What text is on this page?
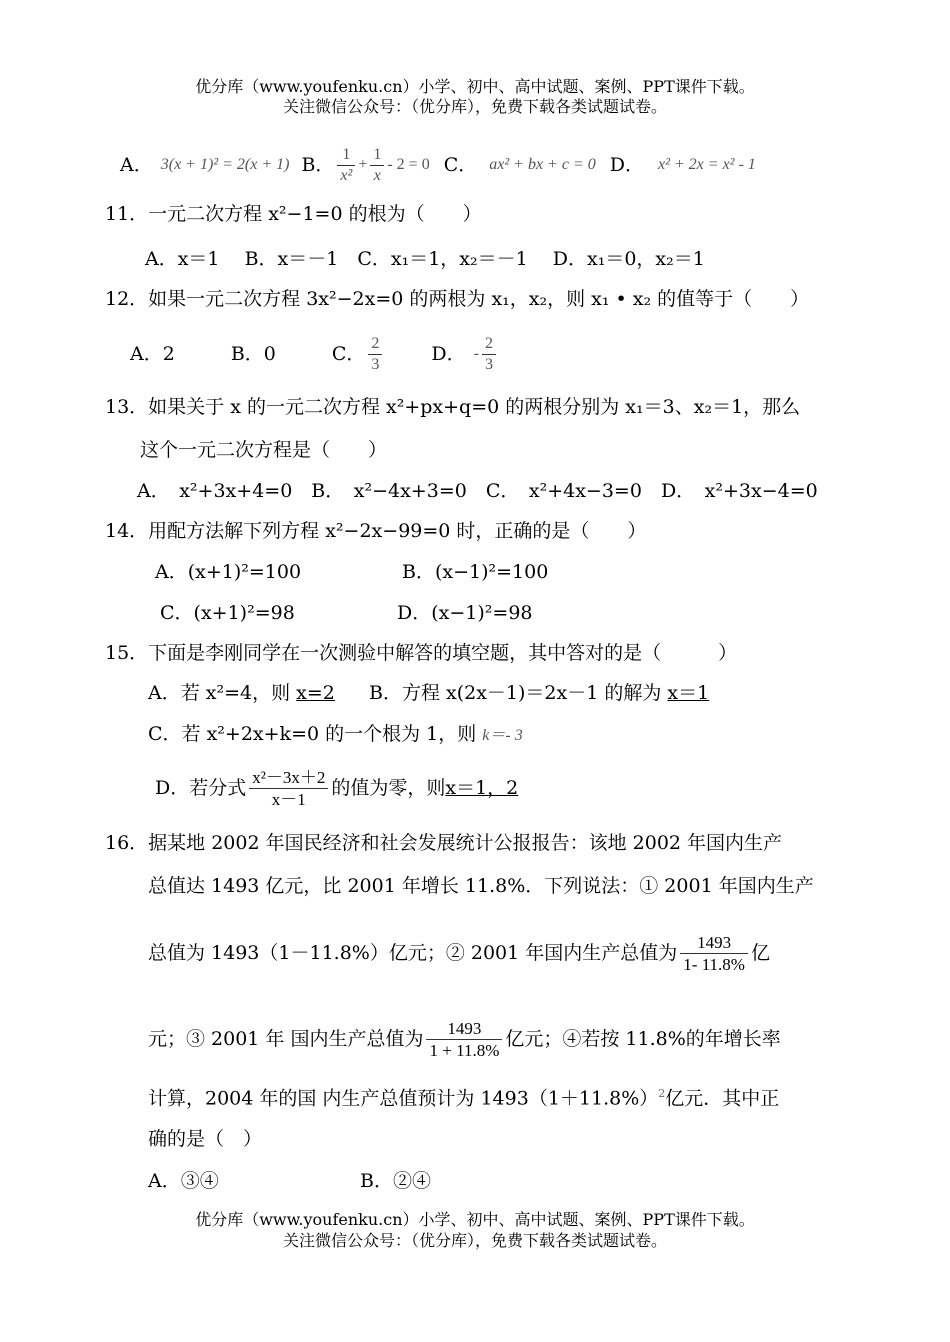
优分库（www.youfenku.cn）小学、初中、高中试题、案例、PPT课件下载。
关注微信公众号：（优分库），免费下载各类试题试卷。
A． 3(x + 1)² = 2(x + 1) B． $\frac{1}{\text{x²}} + \frac{1}{x} - 2 = 0$ C． ax² + bx + c = 0 D． x² + 2x = x² - 1
11．一元二次方程 x²−1=0 的根为（　　）
A．x＝1　 B．x＝－1　C．x₁＝1，x₂＝－1　 D．x₁＝0，x₂＝1
12．如果一元二次方程 3x²−2x=0 的两根为 x₁，x₂，则 x₁ • x₂ 的值等于（　　）
A．2	B．0	C． $\frac{2}{3}$	D． - $\frac{2}{3}$
13．如果关于 x 的一元二次方程 x²+px+q=0 的两根分别为 x₁＝3、x₂＝1，那么
这个一元二次方程是（　　）
A．　x²+3x+4=0　B．　x²−4x+3=0　C．　x²+4x−3=0　D．　x²+3x−4=0
14．用配方法解下列方程 x²−2x−99=0 时，正确的是（　　）
A．(x+1)²=100	B．(x−1)²=100
C．(x+1)²=98	D．(x−1)²=98
15．下面是李刚同学在一次测验中解答的填空题，其中答对的是（　　　）
A．若 x²=4，则 x=2 B．方程 x(2x－1)＝2x－1 的解为 x＝1
C．若 x²+2x+k=0 的一个根为 1，则 k＝- 3
D．若分式 $\frac{\text{x²－3x＋2}}{x-1}$ 的值为零，则 x＝1，2
16．据某地 2002 年国民经济和社会发展统计公报报告：该地 2002 年国内生产
总值达 1493 亿元，比 2001 年增长 11.8%．下列说法：① 2001 年国内生产
总值为 1493（1－11.8%）亿元；② 2001 年国内生产总值为 $\frac{1493}{1- 11.8\%}$ 亿
元；③ 2001 年 国内生产总值为 $\frac{1493}{1 + 11.8\%}$ 亿元；④若按 11.8%的年增长率
计算，2004 年的国 内生产总值预计为 $1493(1+11.8\%)^2$亿元．其中正
确的是（　）
A．③④	B．②④
优分库（www.youfenku.cn）小学、初中、高中试题、案例、PPT课件下载。
关注微信公众号：（优分库），免费下载各类试题试卷。
